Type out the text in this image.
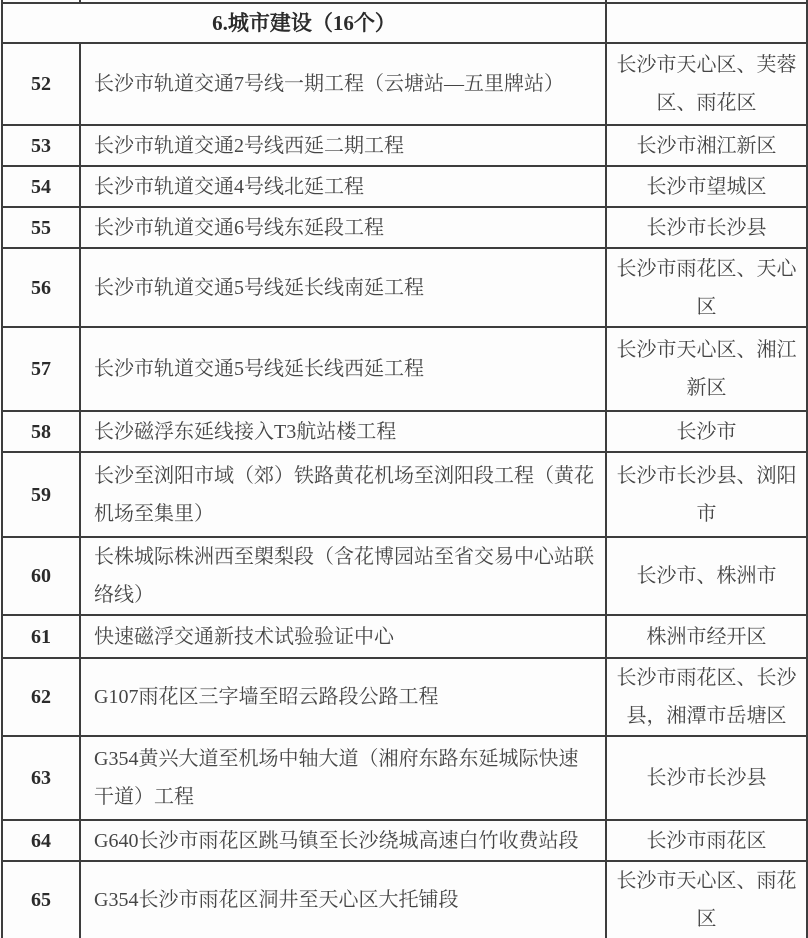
6.城市建设（16个）		
52	长沙市轨道交通7号线一期工程（云塘站—五里牌站）	长沙市天心区、芙蓉区、雨花区
53	长沙市轨道交通2号线西延二期工程	长沙市湘江新区
54	长沙市轨道交通4号线北延工程	长沙市望城区
55	长沙市轨道交通6号线东延段工程	长沙市长沙县
56	长沙市轨道交通5号线延长线南延工程	长沙市雨花区、天心区
57	长沙市轨道交通5号线延长线西延工程	长沙市天心区、湘江新区
58	长沙磁浮东延线接入T3航站楼工程	长沙市
59	长沙至浏阳市域（郊）铁路黄花机场至浏阳段工程（黄花机场至集里）	长沙市长沙县、浏阳市
60	长株城际株洲西至㮾梨段（含花博园站至省交易中心站联络线）	长沙市、株洲市
61	快速磁浮交通新技术试验验证中心	株洲市经开区
62	G107雨花区三字墙至昭云路段公路工程	长沙市雨花区、长沙县，湘潭市岳塘区
63	G354黄兴大道至机场中轴大道（湘府东路东延城际快速干道）工程	长沙市长沙县
64	G640长沙市雨花区跳马镇至长沙绕城高速白竹收费站段	长沙市雨花区
65	G354长沙市雨花区洞井至天心区大托铺段	长沙市天心区、雨花区
